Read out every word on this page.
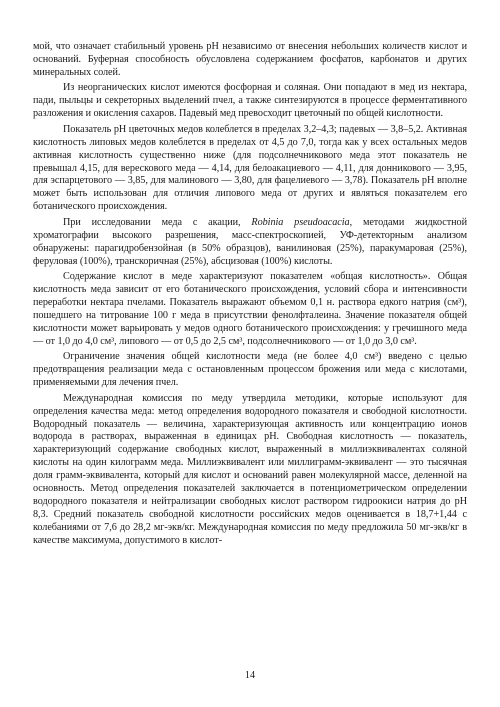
мой, что означает стабильный уровень pH независимо от внесения небольших количеств кислот и оснований. Буферная способность обусловлена содержанием фосфатов, карбонатов и других минеральных солей.

Из неорганических кислот имеются фосфорная и соляная. Они попадают в мед из нектара, пади, пыльцы и секреторных выделений пчел, а также синтезируются в процессе ферментативного разложения и окисления сахаров. Падевый мед превосходит цветочный по общей кислотности.

Показатель pH цветочных медов колеблется в пределах 3,2–4,3; падевых — 3,8–5,2. Активная кислотность липовых медов колеблется в пределах от 4,5 до 7,0, тогда как у всех остальных медов активная кислотность существенно ниже (для подсолнечникового меда этот показатель не превышал 4,15, для верескового меда — 4,14, для белоакациевого — 4,11, для донникового — 3,95, для эспарцетового — 3,85, для малинового — 3,80, для фацелиевого — 3,78). Показатель pH вполне может быть использован для отличия липового меда от других и являться показателем его ботанического происхождения.

При исследовании меда с акации, Robinia pseudoacacia, методами жидкостной хроматографии высокого разрешения, масс-спектроскопией, УФ-детекторным анализом обнаружены: парагидробензойная (в 50% образцов), ванилиновая (25%), паракумаровая (25%), феруловая (100%), транскоричная (25%), абсцизовая (100%) кислоты.

Содержание кислот в меде характеризуют показателем «общая кислотность». Общая кислотность меда зависит от его ботанического происхождения, условий сбора и интенсивности переработки нектара пчелами. Показатель выражают объемом 0,1 н. раствора едкого натрия (см³), пошедшего на титрование 100 г меда в присутствии фенолфталеина. Значение показателя общей кислотности может варьировать у медов одного ботанического происхождения: у гречишного меда — от 1,0 до 4,0 см³, липового — от 0,5 до 2,5 см³, подсолнечникового — от 1,0 до 3,0 см³.

Ограничение значения общей кислотности меда (не более 4,0 см³) введено с целью предотвращения реализации меда с остановленным процессом брожения или меда с кислотами, применяемыми для лечения пчел.

Международная комиссия по меду утвердила методики, которые используют для определения качества меда: метод определения водородного показателя и свободной кислотности. Водородный показатель — величина, характеризующая активность или концентрацию ионов водорода в растворах, выраженная в единицах pH. Свободная кислотность — показатель, характеризующий содержание свободных кислот, выраженный в миллиэквивалентах соляной кислоты на один килограмм меда. Миллиэквивалент или миллиграмм-эквивалент — это тысячная доля грамм-эквивалента, который для кислот и оснований равен молекулярной массе, деленной на основность. Метод определения показателей заключается в потенциометрическом определении водородного показателя и нейтрализации свободных кислот раствором гидроокиси натрия до pH 8,3. Средний показатель свободной кислотности российских медов оценивается в 18,7+1,44 с колебаниями от 7,6 до 28,2 мг-экв/кг. Международная комиссия по меду предложила 50 мг-экв/кг в качестве максимума, допустимого в кислот-

14
